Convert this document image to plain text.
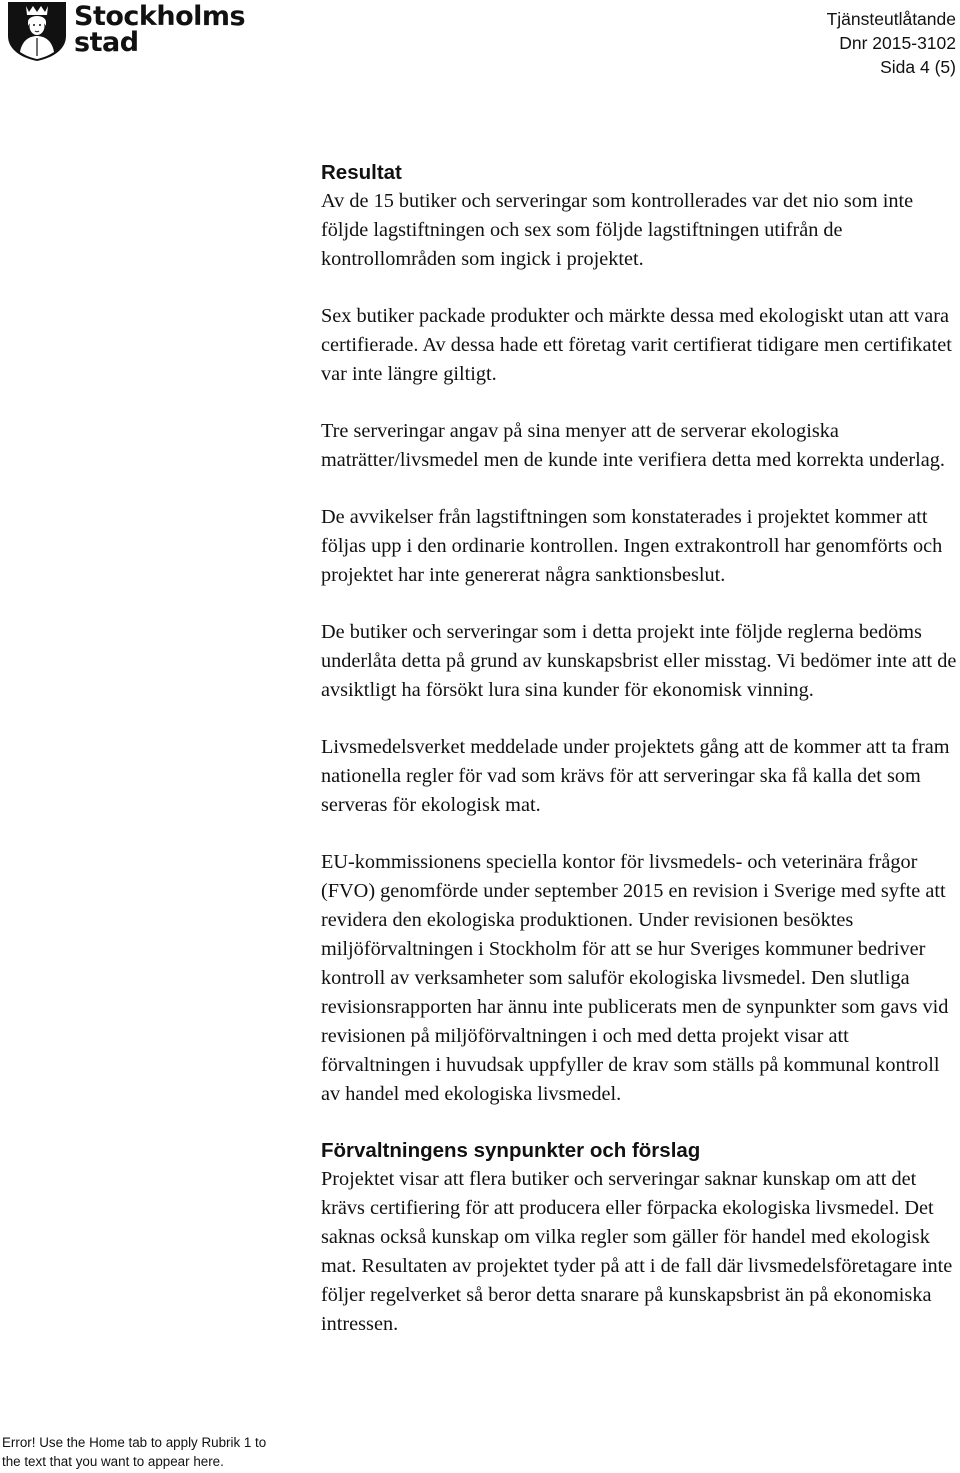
Stockholms
stad
Tjänsteutlåtande
Dnr 2015-3102
Sida 4 (5)
Resultat

Av de 15 butiker och serveringar som kontrollerades var det nio som inte följde lagstiftningen och sex som följde lagstiftningen utifrån de kontrollområden som ingick i projektet.

Sex butiker packade produkter och märkte dessa med ekologiskt utan att vara certifierade. Av dessa hade ett företag varit certifierat tidigare men certifikatet var inte längre giltigt.

Tre serveringar angav på sina menyer att de serverar ekologiska maträtter/livsmedel men de kunde inte verifiera detta med korrekta underlag.

De avvikelser från lagstiftningen som konstaterades i projektet kommer att följas upp i den ordinarie kontrollen. Ingen extrakontroll har genomförts och projektet har inte genererat några sanktionsbeslut.

De butiker och serveringar som i detta projekt inte följde reglerna bedöms underlåta detta på grund av kunskapsbrist eller misstag. Vi bedömer inte att de avsiktligt ha försökt lura sina kunder för ekonomisk vinning.

Livsmedelsverket meddelade under projektets gång att de kommer att ta fram nationella regler för vad som krävs för att serveringar ska få kalla det som serveras för ekologisk mat.

EU-kommissionens speciella kontor för livsmedels- och veterinära frågor (FVO) genomförde under september 2015 en revision i Sverige med syfte att revidera den ekologiska produktionen. Under revisionen besöktes miljöförvaltningen i Stockholm för att se hur Sveriges kommuner bedriver kontroll av verksamheter som saluför ekologiska livsmedel. Den slutliga revisionsrapporten har ännu inte publicerats men de synpunkter som gavs vid revisionen på miljöförvaltningen i och med detta projekt visar att förvaltningen i huvudsak uppfyller de krav som ställs på kommunal kontroll av handel med ekologiska livsmedel.

Förvaltningens synpunkter och förslag

Projektet visar att flera butiker och serveringar saknar kunskap om att det krävs certifiering för att producera eller förpacka ekologiska livsmedel. Det saknas också kunskap om vilka regler som gäller för handel med ekologisk mat. Resultaten av projektet tyder på att i de fall där livsmedelsföretagare inte följer regelverket så beror detta snarare på kunskapsbrist än på ekonomiska intressen.

Error! Use the Home tab to apply Rubrik 1 to the text that you want to appear here.
